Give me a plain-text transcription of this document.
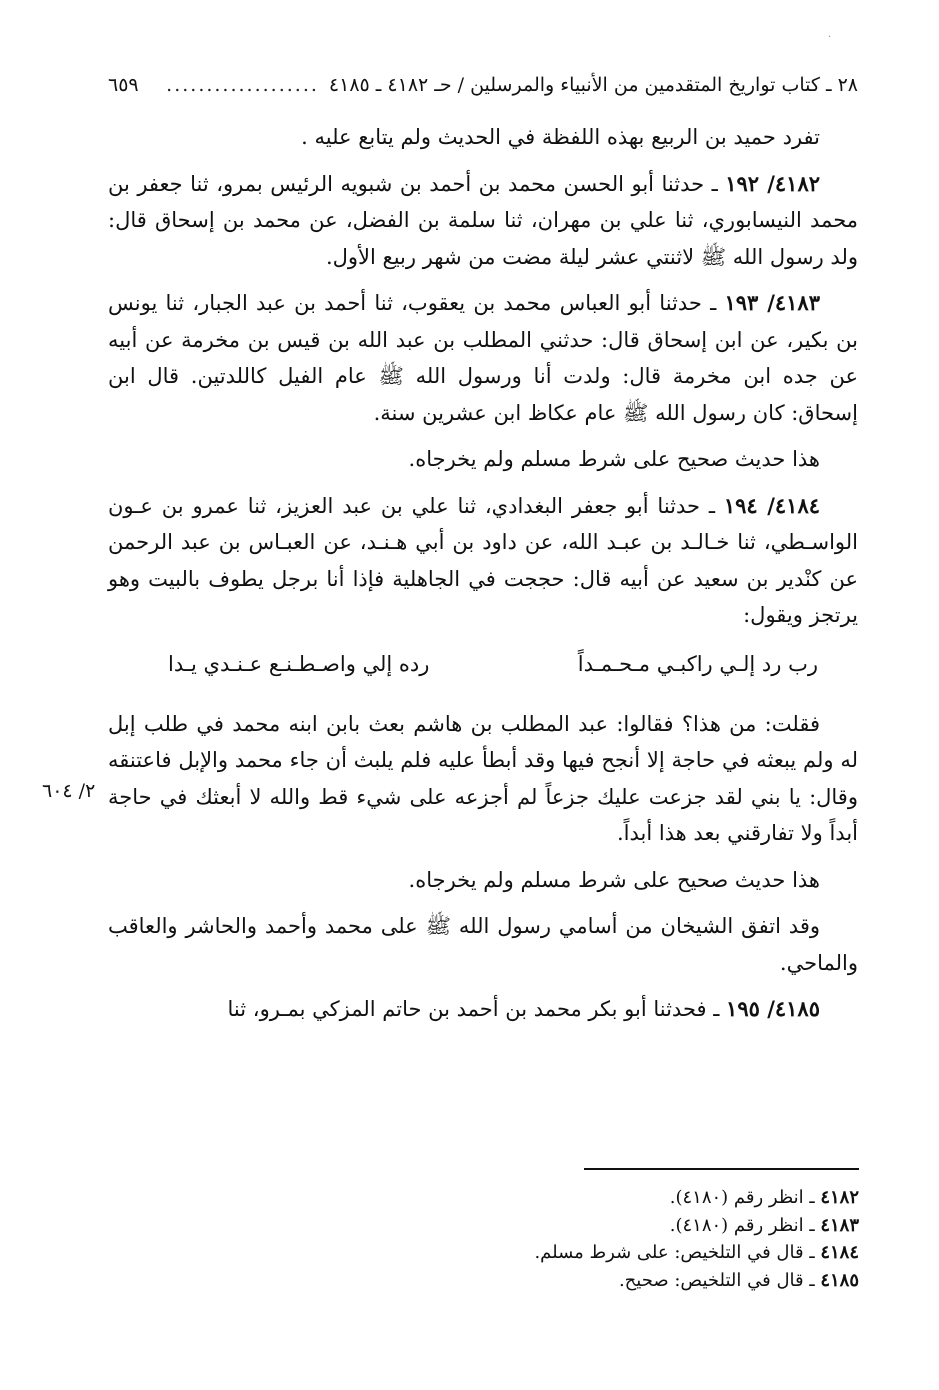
·
٢٨ ـ كتاب تواريخ المتقدمين من الأنبياء والمرسلين / حـ ٤١٨٢ ـ ٤١٨٥
...................
٦٥٩

تفرد حميد بن الربيع بهذه اللفظة في الحديث ولم يتابع عليه .

٤١٨٢/ ١٩٢ ـ حدثنا أبو الحسن محمد بن أحمد بن شبويه الرئيس بمرو، ثنا جعفر بن محمد النيسابوري، ثنا علي بن مهران، ثنا سلمة بن الفضل، عن محمد بن إسحاق قال: ولد رسول الله ﷺ لاثنتي عشر ليلة مضت من شهر ربيع الأول.

٤١٨٣/ ١٩٣ ـ حدثنا أبو العباس محمد بن يعقوب، ثنا أحمد بن عبد الجبار، ثنا يونس بن بكير، عن ابن إسحاق قال: حدثني المطلب بن عبد الله بن قيس بن مخرمة عن أبيه عن جده ابن مخرمة قال: ولدت أنا ورسول الله ﷺ عام الفيل كاللدتين. قال ابن إسحاق: كان رسول الله ﷺ عام عكاظ ابن عشرين سنة.

هذا حديث صحيح على شرط مسلم ولم يخرجاه.

٤١٨٤/ ١٩٤ ـ حدثنا أبو جعفر البغدادي، ثنا علي بن عبد العزيز، ثنا عمرو بن عـون الواسـطي، ثنا خـالـد بن عبـد الله، عن داود بن أبي هـنـد، عن العبـاس بن عبد الرحمن عن كنْدير بن سعيد عن أبيه قال: حججت في الجاهلية فإذا أنا برجل يطوف بالبيت وهو يرتجز ويقول:

رب رد إلـي راكبـي مـحـمـداً
رده إلي واصـطـنـع عـنـدي يـدا
٢/ ٦٠٤

فقلت: من هذا؟ فقالوا: عبد المطلب بن هاشم بعث بابن ابنه محمد في طلب إبل له ولم يبعثه في حاجة إلا أنجح فيها وقد أبطأ عليه فلم يلبث أن جاء محمد والإبل فاعتنقه وقال: يا بني لقد جزعت عليك جزعاً لم أجزعه على شيء قط والله لا أبعثك في حاجة أبداً ولا تفارقني بعد هذا أبداً.

هذا حديث صحيح على شرط مسلم ولم يخرجاه.

وقد اتفق الشيخان من أسامي رسول الله ﷺ على محمد وأحمد والحاشر والعاقب والماحي.

٤١٨٥/ ١٩٥ ـ فحدثنا أبو بكر محمد بن أحمد بن حاتم المزكي بمـرو، ثنا

٤١٨٢ ـ انظر رقم (٤١٨٠).
٤١٨٣ ـ انظر رقم (٤١٨٠).
٤١٨٤ ـ قال في التلخيص: على شرط مسلم.
٤١٨٥ ـ قال في التلخيص: صحيح.
